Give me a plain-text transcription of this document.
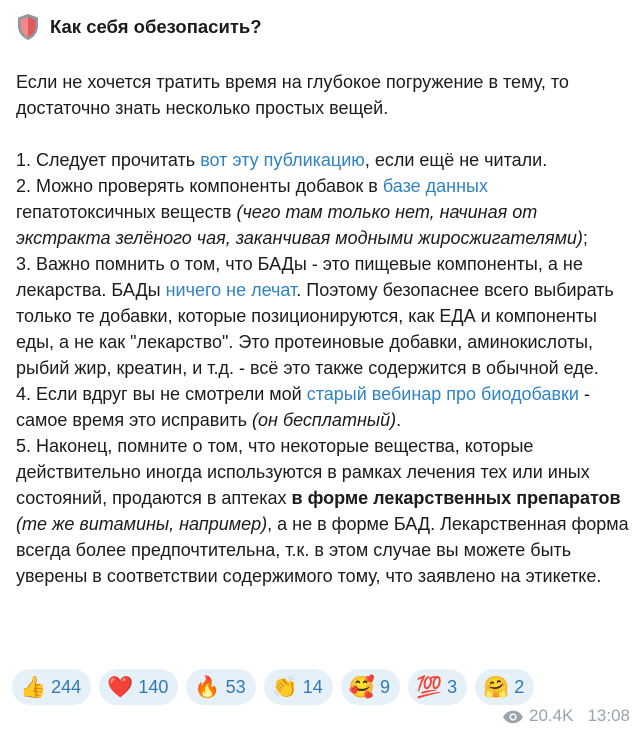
Как себя обезопасить?

Если не хочется тратить время на глубокое погружение в тему, то достаточно знать несколько простых вещей.

1. Следует прочитать вот эту публикацию, если ещё не читали.

2. Можно проверять компоненты добавок в базе данных гепатотоксичных веществ (чего там только нет, начиная от экстракта зелёного чая, заканчивая модными жиросжигателями);

3. Важно помнить о том, что БАДы - это пищевые компоненты, а не лекарства. БАДы ничего не лечат. Поэтому безопаснее всего выбирать только те добавки, которые позиционируются, как ЕДА и компоненты еды, а не как "лекарство". Это протеиновые добавки, аминокислоты, рыбий жир, креатин, и т.д. - всё это также содержится в обычной еде.

4. Если вдруг вы не смотрели мой старый вебинар про биодобавки - самое время это исправить (он бесплатный).

5. Наконец, помните о том, что некоторые вещества, которые действительно иногда используются в рамках лечения тех или иных состояний, продаются в аптеках в форме лекарственных препаратов (те же витамины, например), а не в форме БАД. Лекарственная форма всегда более предпочтительна, т.к. в этом случае вы можете быть уверены в соответствии содержимого тому, что заявлено на этикетке.

👍 244 ❤️ 140 🔥 53 👏 14 🥰 9 💯 3 🤗 2
20.4K 13:08
